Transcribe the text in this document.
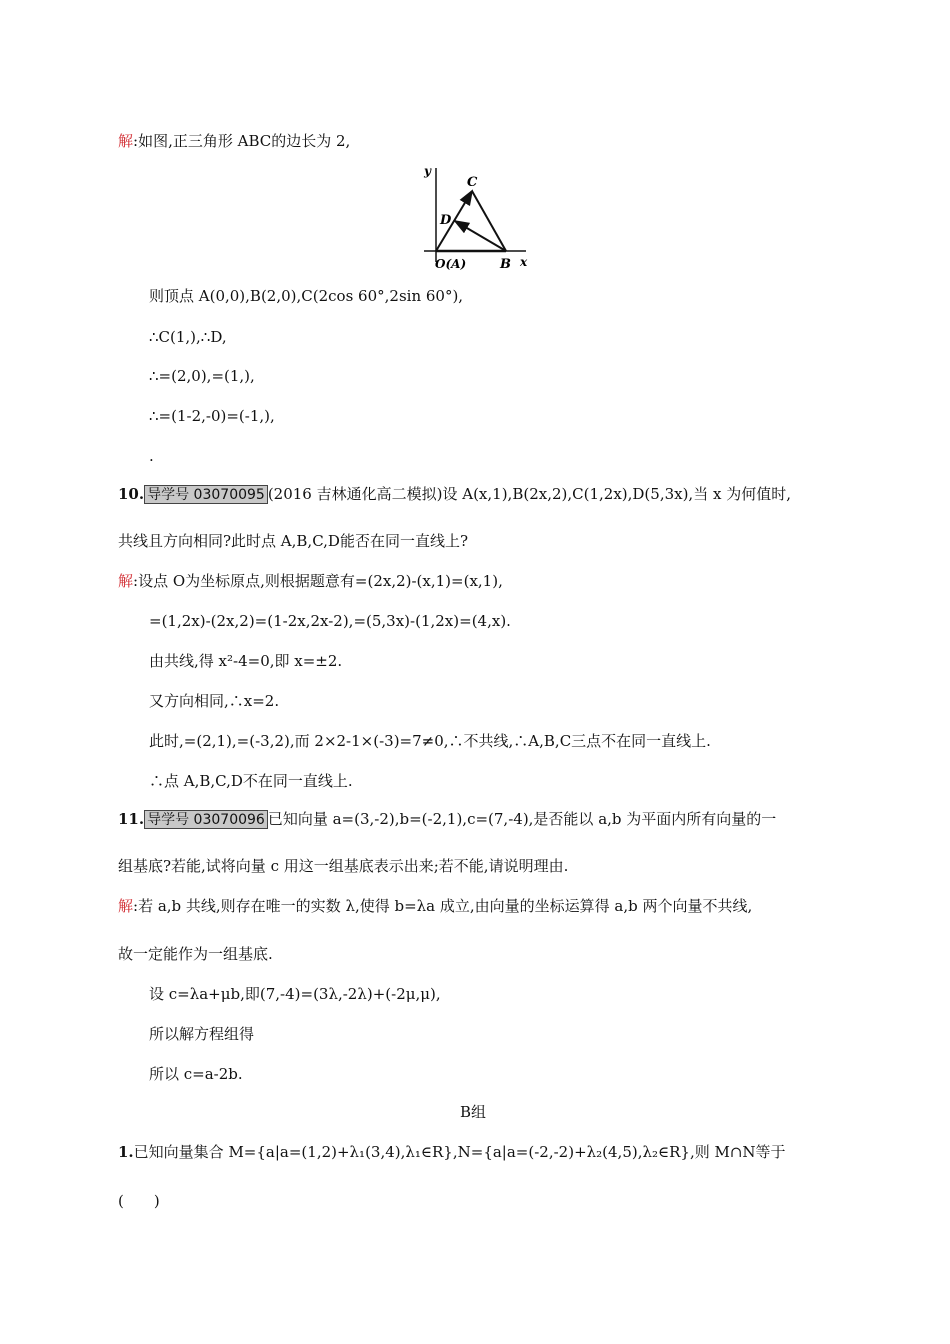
解:如图,正三角形 ABC的边长为 2,
y
C
D
O(A)	B x
则顶点 A(0,0),B(2,0),C(2cos 60°,2sin 60°),
∴C(1,),∴D,
∴=(2,0),=(1,),
∴=(1-2,-0)=(-1,),
.
10. 导学号 03070095 (2016 吉林通化高二模拟)设 A(x,1),B(2x,2),C(1,2x),D(5,3x),当 x 为何值时,
共线且方向相同?此时点 A,B,C,D能否在同一直线上?
解:设点 O为坐标原点,则根据题意有=(2x,2)-(x,1)=(x,1),
=(1,2x)-(2x,2)=(1-2x,2x-2),=(5,3x)-(1,2x)=(4,x).
由共线,得 x²-4=0,即 x=±2.
又方向相同,∴x=2.
此时,=(2,1),=(-3,2),而 2×2-1×(-3)=7≠0,∴不共线,∴A,B,C三点不在同一直线上.
∴点 A,B,C,D不在同一直线上.
11. 导学号 03070096 已知向量 a=(3,-2),b=(-2,1),c=(7,-4),是否能以 a,b 为平面内所有向量的一
组基底?若能,试将向量 c 用这一组基底表示出来;若不能,请说明理由.
解:若 a,b 共线,则存在唯一的实数 λ,使得 b=λa 成立,由向量的坐标运算得 a,b 两个向量不共线,
故一定能作为一组基底.
设 c=λa+μb,即(7,-4)=(3λ,-2λ)+(-2μ,μ),
所以解方程组得
所以 c=a-2b.
B组
1.已知向量集合 M={a|a=(1,2)+λ₁(3,4),λ₁∈R},N={a|a=(-2,-2)+λ₂(4,5),λ₂∈R},则 M∩N等于
(　　)
